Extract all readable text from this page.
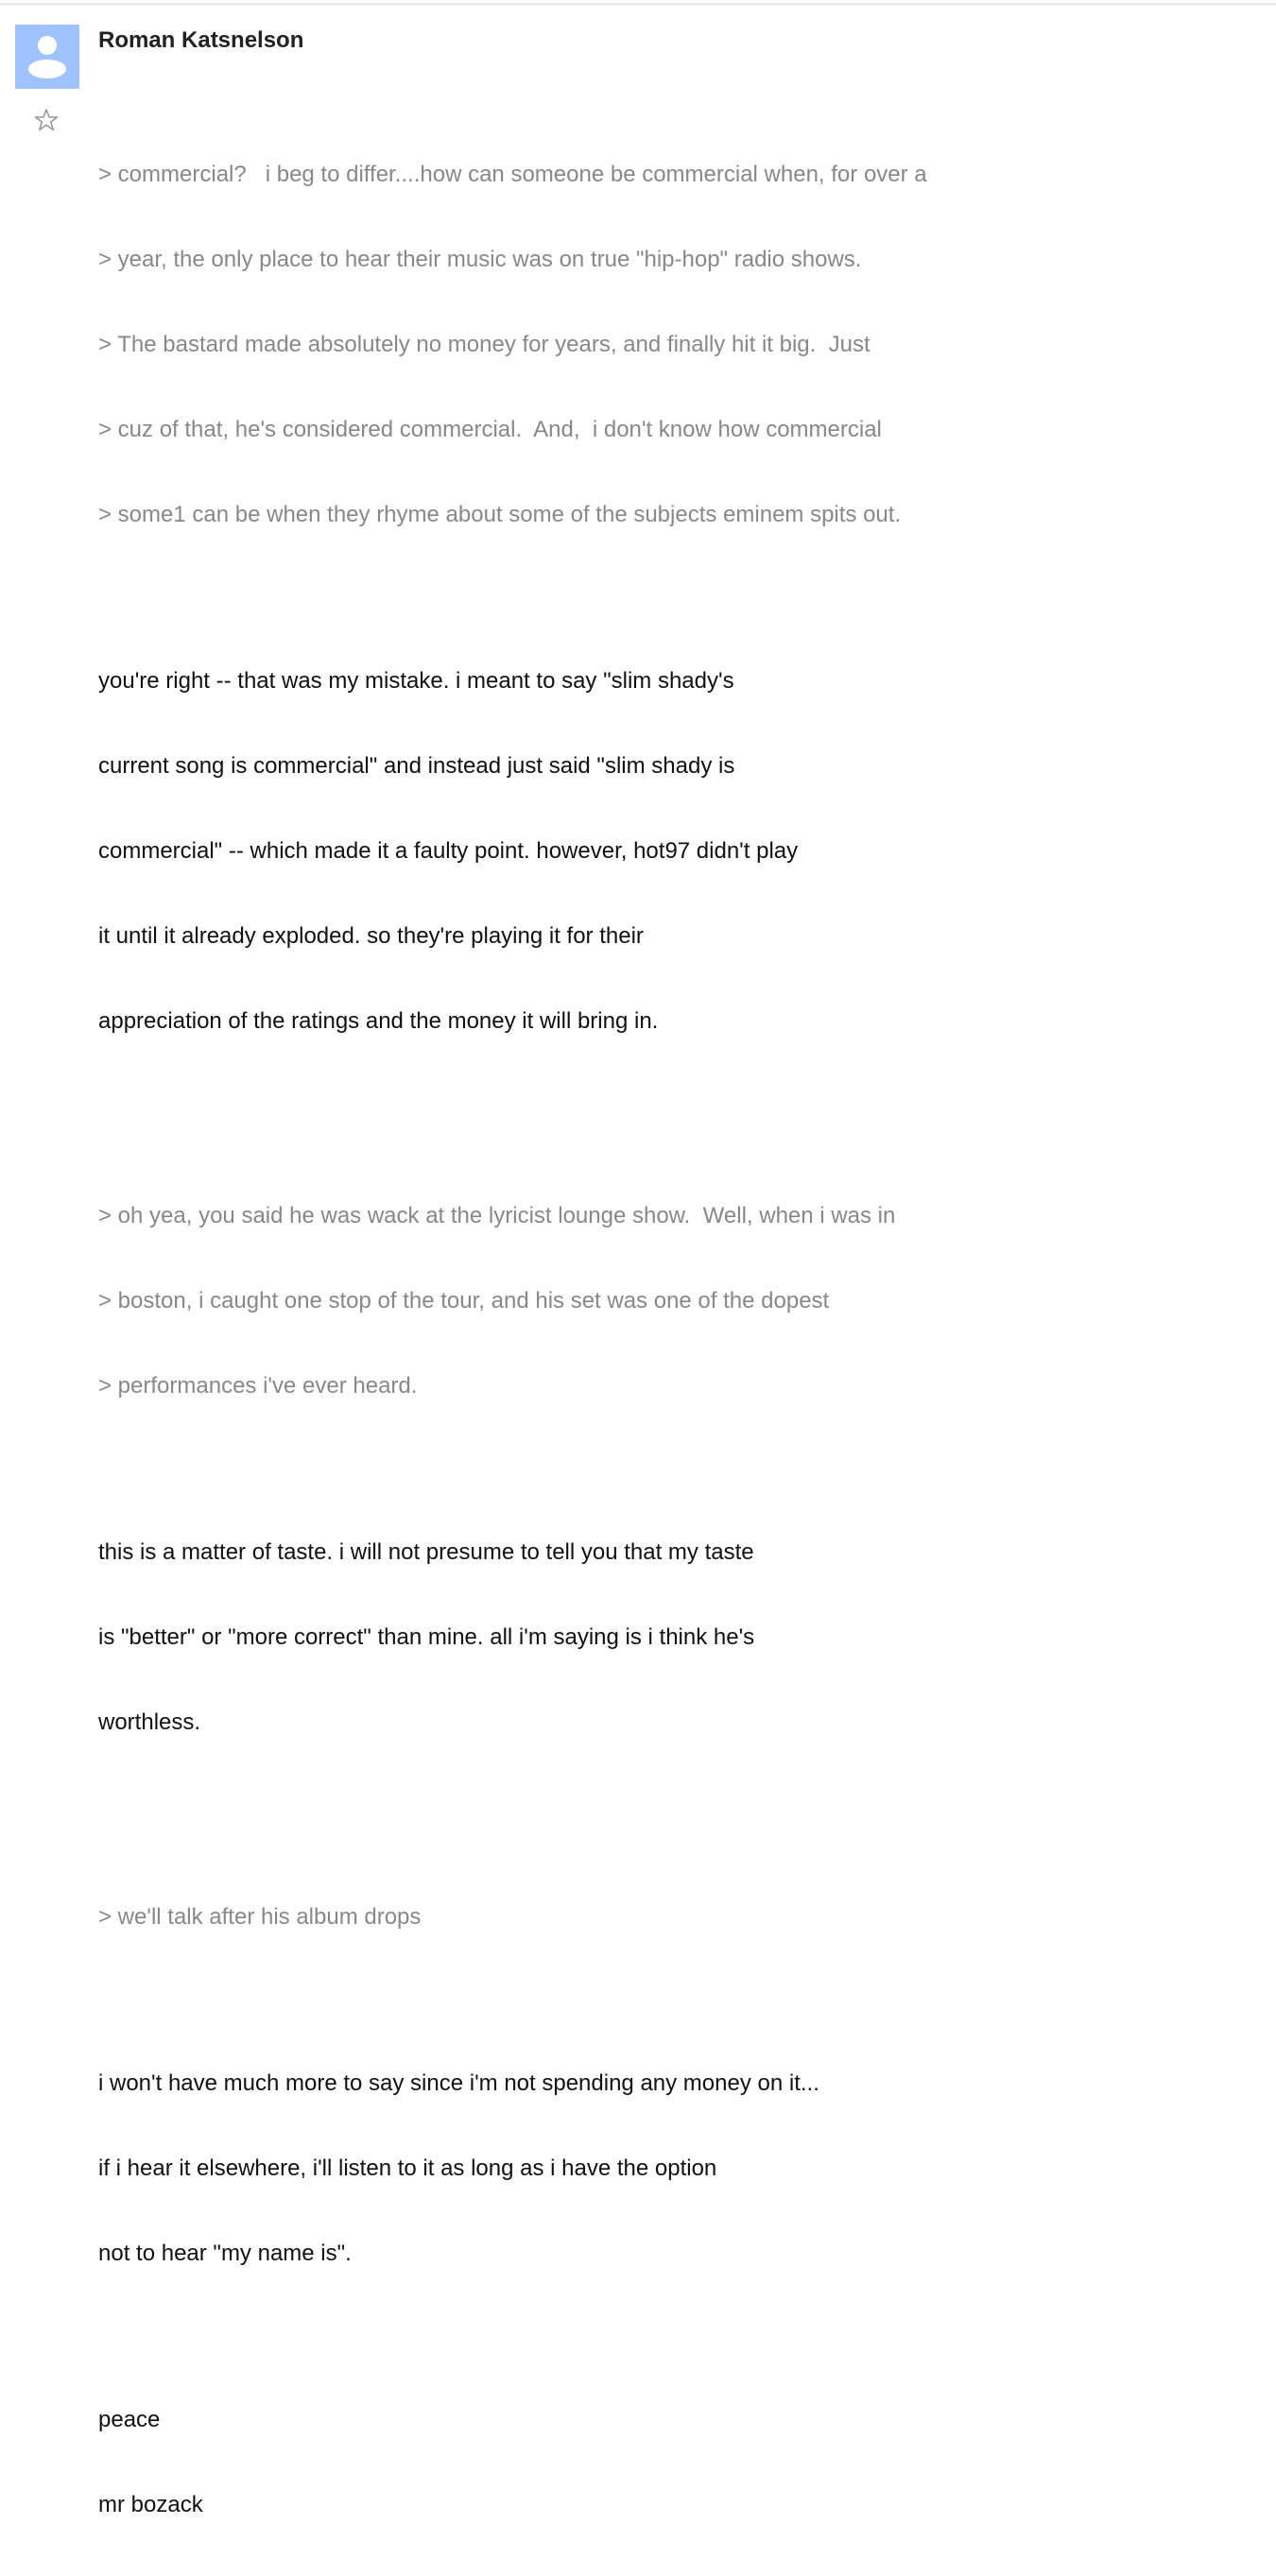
Roman Katsnelson

> commercial?   i beg to differ....how can someone be commercial when, for over a

> year, the only place to hear their music was on true "hip-hop" radio shows.

> The bastard made absolutely no money for years, and finally hit it big.  Just

> cuz of that, he's considered commercial.  And,  i don't know how commercial

> some1 can be when they rhyme about some of the subjects eminem spits out.

you're right -- that was my mistake. i meant to say "slim shady's

current song is commercial" and instead just said "slim shady is

commercial" -- which made it a faulty point. however, hot97 didn't play

it until it already exploded. so they're playing it for their

appreciation of the ratings and the money it will bring in.

> oh yea, you said he was wack at the lyricist lounge show.  Well, when i was in

> boston, i caught one stop of the tour, and his set was one of the dopest

> performances i've ever heard.

this is a matter of taste. i will not presume to tell you that my taste

is "better" or "more correct" than mine. all i'm saying is i think he's

worthless.

> we'll talk after his album drops

i won't have much more to say since i'm not spending any money on it...

if i hear it elsewhere, i'll listen to it as long as i have the option

not to hear "my name is".

peace

mr bozack
